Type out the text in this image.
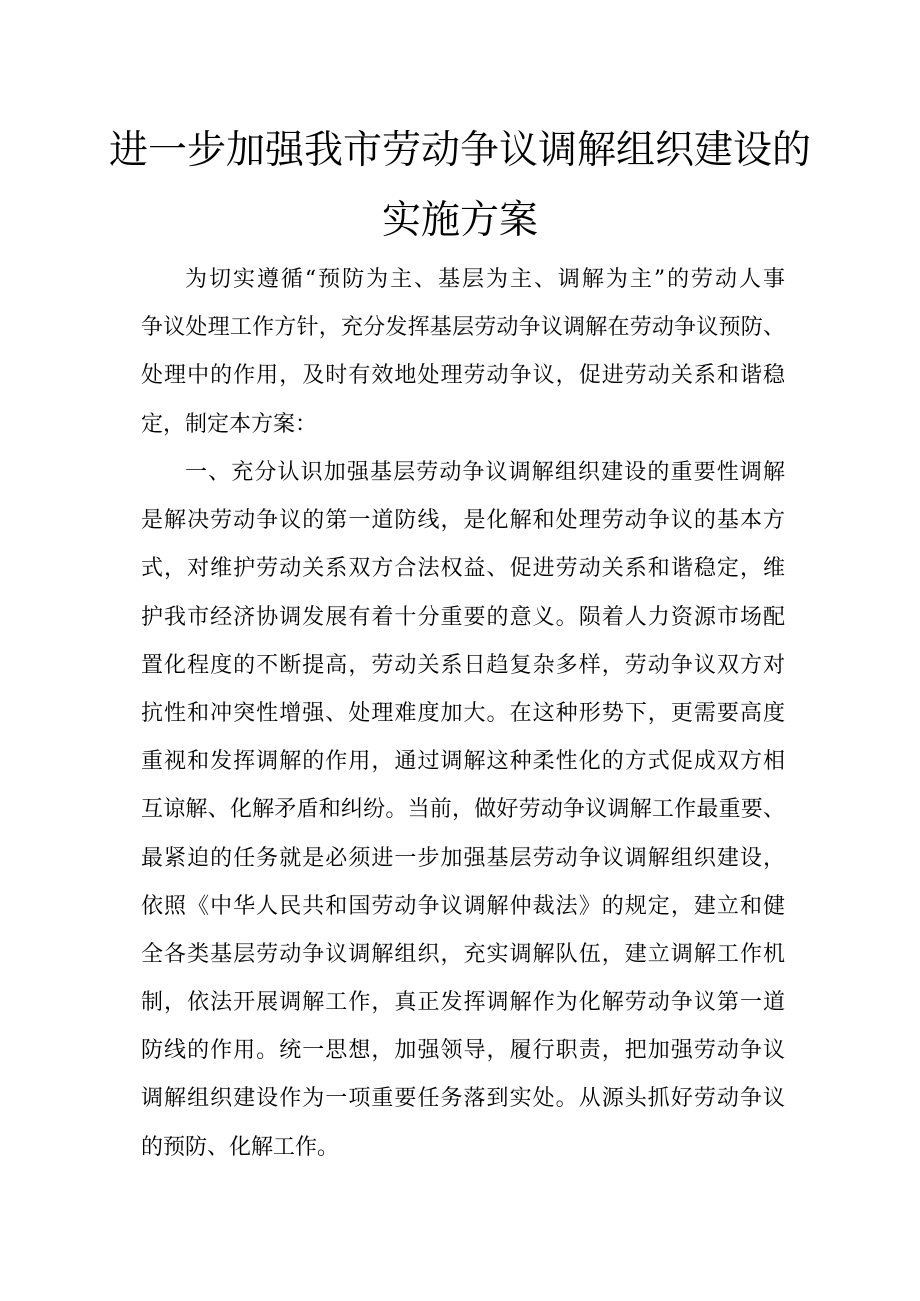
进一步加强我市劳动争议调解组织建设的
实施方案
为切实遵循“预防为主、基层为主、调解为主”的劳动人事
争议处理工作方针，充分发挥基层劳动争议调解在劳动争议预防、
处理中的作用，及时有效地处理劳动争议，促进劳动关系和谐稳
定，制定本方案：
一、充分认识加强基层劳动争议调解组织建设的重要性调解
是解决劳动争议的第一道防线，是化解和处理劳动争议的基本方
式，对维护劳动关系双方合法权益、促进劳动关系和谐稳定，维
护我市经济协调发展有着十分重要的意义。陨着人力资源市场配
置化程度的不断提高，劳动关系日趋复杂多样，劳动争议双方对
抗性和冲突性增强、处理难度加大。在这种形势下，更需要高度
重视和发挥调解的作用，通过调解这种柔性化的方式促成双方相
互谅解、化解矛盾和纠纷。当前，做好劳动争议调解工作最重要、
最紧迫的任务就是必须进一步加强基层劳动争议调解组织建设，
依照《中华人民共和国劳动争议调解仲裁法》的规定，建立和健
全各类基层劳动争议调解组织，充实调解队伍，建立调解工作机
制，依法开展调解工作，真正发挥调解作为化解劳动争议第一道
防线的作用。统一思想，加强领导，履行职责，把加强劳动争议
调解组织建设作为一项重要任务落到实处。从源头抓好劳动争议
的预防、化解工作。
